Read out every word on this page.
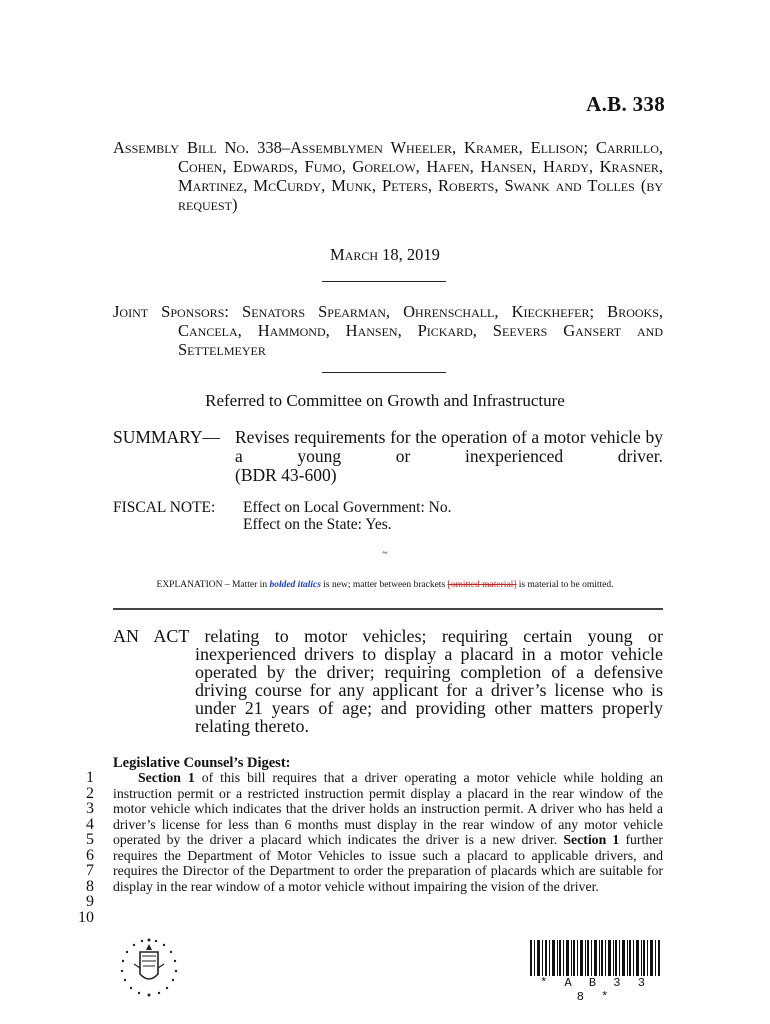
A.B. 338
Assembly Bill No. 338–Assemblymen Wheeler, Kramer, Ellison; Carrillo, Cohen, Edwards, Fumo, Gorelow, Hafen, Hansen, Hardy, Krasner, Martinez, McCurdy, Munk, Peters, Roberts, Swank and Tolles (by request)
March 18, 2019
Joint Sponsors: Senators Spearman, Ohrenschall, Kieckhefer; Brooks, Cancela, Hammond, Hansen, Pickard, Seevers Gansert and Settelmeyer
Referred to Committee on Growth and Infrastructure
SUMMARY— Revises requirements for the operation of a motor vehicle by a young or inexperienced driver.
(BDR 43-600)
FISCAL NOTE: Effect on Local Government: No.
Effect on the State: Yes.
~
EXPLANATION – Matter in bolded italics is new; matter between brackets [omitted material] is material to be omitted.
AN ACT relating to motor vehicles; requiring certain young or inexperienced drivers to display a placard in a motor vehicle operated by the driver; requiring completion of a defensive driving course for any applicant for a driver’s license who is under 21 years of age; and providing other matters properly relating thereto.
Legislative Counsel’s Digest:
1
2
3
4
5
6
7
8
9
10
Section 1 of this bill requires that a driver operating a motor vehicle while holding an instruction permit or a restricted instruction permit display a placard in the rear window of the motor vehicle which indicates that the driver holds an instruction permit. A driver who has held a driver’s license for less than 6 months must display in the rear window of any motor vehicle operated by the driver a placard which indicates the driver is a new driver. Section 1 further requires the Department of Motor Vehicles to issue such a placard to applicable drivers, and requires the Director of the Department to order the preparation of placards which are suitable for display in the rear window of a motor vehicle without impairing the vision of the driver.
* A B 3 3 8 *
